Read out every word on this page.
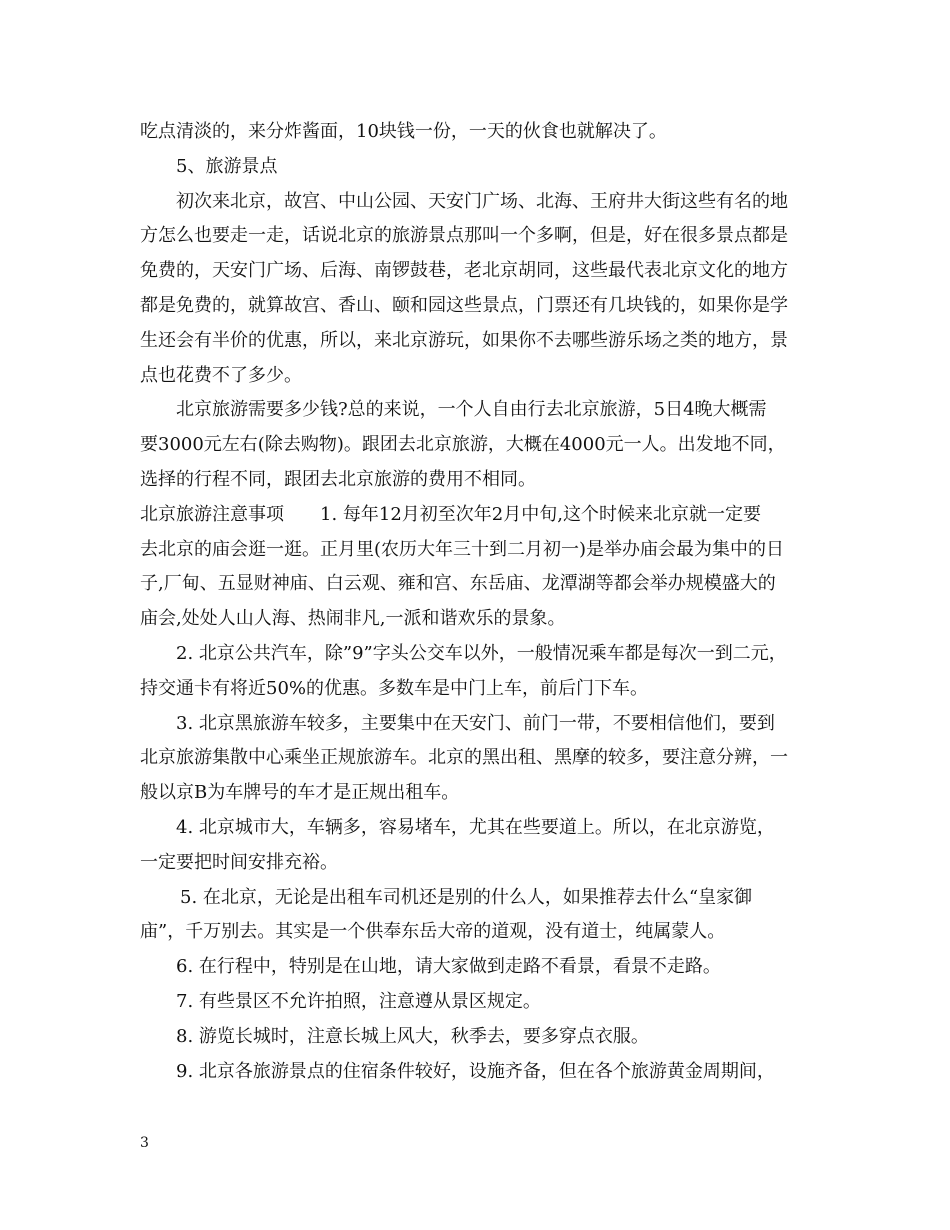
吃点清淡的，来分炸酱面，10块钱一份，一天的伙食也就解决了。
5、旅游景点
初次来北京，故宫、中山公园、天安门广场、北海、王府井大街这些有名的地
方怎么也要走一走，话说北京的旅游景点那叫一个多啊，但是，好在很多景点都是
免费的，天安门广场、后海、南锣鼓巷，老北京胡同，这些最代表北京文化的地方
都是免费的，就算故宫、香山、颐和园这些景点，门票还有几块钱的，如果你是学
生还会有半价的优惠，所以，来北京游玩，如果你不去哪些游乐场之类的地方，景
点也花费不了多少。
北京旅游需要多少钱?总的来说，一个人自由行去北京旅游，5日4晚大概需
要3000元左右(除去购物)。跟团去北京旅游，大概在4000元一人。出发地不同，
选择的行程不同，跟团去北京旅游的费用不相同。
北京旅游注意事项　　1. 每年12月初至次年2月中旬,这个时候来北京就一定要
去北京的庙会逛一逛。正月里(农历大年三十到二月初一)是举办庙会最为集中的日
子,厂甸、五显财神庙、白云观、雍和宫、东岳庙、龙潭湖等都会举办规模盛大的
庙会,处处人山人海、热闹非凡,一派和谐欢乐的景象。
2. 北京公共汽车，除”9”字头公交车以外，一般情况乘车都是每次一到二元，
持交通卡有将近50%的优惠。多数车是中门上车，前后门下车。
3. 北京黑旅游车较多，主要集中在天安门、前门一带，不要相信他们，要到
北京旅游集散中心乘坐正规旅游车。北京的黑出租、黑摩的较多，要注意分辨，一
般以京B为车牌号的车才是正规出租车。
4. 北京城市大，车辆多，容易堵车，尤其在些要道上。所以，在北京游览，
一定要把时间安排充裕。
5. 在北京，无论是出租车司机还是别的什么人，如果推荐去什么“皇家御
庙”，千万别去。其实是一个供奉东岳大帝的道观，没有道士，纯属蒙人。
6. 在行程中，特别是在山地，请大家做到走路不看景，看景不走路。
7. 有些景区不允许拍照，注意遵从景区规定。
8. 游览长城时，注意长城上风大，秋季去，要多穿点衣服。
9. 北京各旅游景点的住宿条件较好，设施齐备，但在各个旅游黄金周期间，
3
